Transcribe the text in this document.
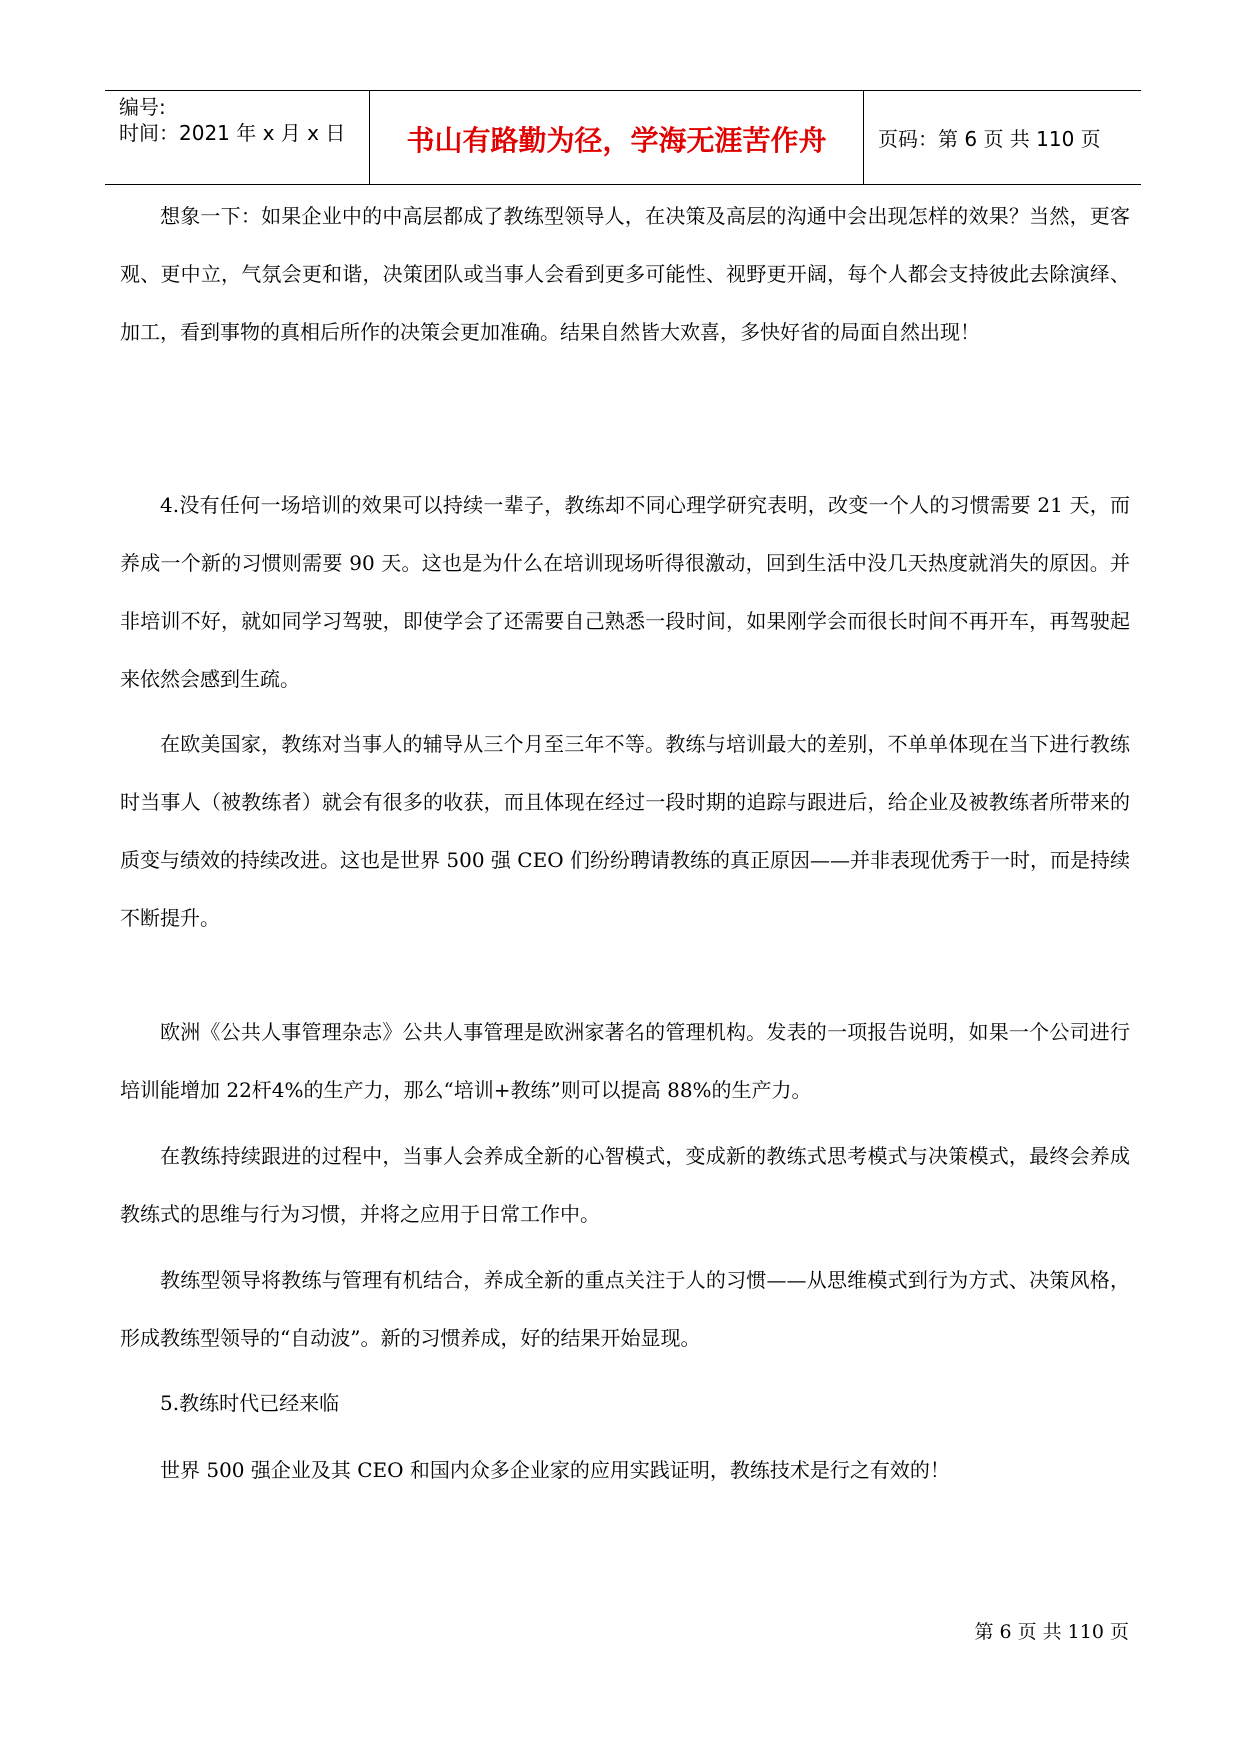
编号:
时间：2021 年 x 月 x 日	书山有路勤为径，学海无涯苦作舟	页码：第 6 页 共 110 页

想象一下：如果企业中的中高层都成了教练型领导人，在决策及高层的沟通中会出现怎样的效果？当然，更客观、更中立，气氛会更和谐，决策团队或当事人会看到更多可能性、视野更开阔，每个人都会支持彼此去除演绎、加工，看到事物的真相后所作的决策会更加准确。结果自然皆大欢喜，多快好省的局面自然出现！

4.没有任何一场培训的效果可以持续一辈子，教练却不同心理学研究表明，改变一个人的习惯需要 21 天，而养成一个新的习惯则需要 90 天。这也是为什么在培训现场听得很激动，回到生活中没几天热度就消失的原因。并非培训不好，就如同学习驾驶，即使学会了还需要自己熟悉一段时间，如果刚学会而很长时间不再开车，再驾驶起来依然会感到生疏。

在欧美国家，教练对当事人的辅导从三个月至三年不等。教练与培训最大的差别，不单单体现在当下进行教练时当事人（被教练者）就会有很多的收获，而且体现在经过一段时期的追踪与跟进后，给企业及被教练者所带来的质变与绩效的持续改进。这也是世界 500 强 CEO 们纷纷聘请教练的真正原因——并非表现优秀于一时，而是持续不断提升。

欧洲《公共人事管理杂志》公共人事管理是欧洲家著名的管理机构。发表的一项报告说明，如果一个公司进行培训能增加 22杆4%的生产力，那么“培训+教练”则可以提高 88%的生产力。

在教练持续跟进的过程中，当事人会养成全新的心智模式，变成新的教练式思考模式与决策模式，最终会养成教练式的思维与行为习惯，并将之应用于日常工作中。

教练型领导将教练与管理有机结合，养成全新的重点关注于人的习惯——从思维模式到行为方式、决策风格，形成教练型领导的“自动波”。新的习惯养成，好的结果开始显现。

5.教练时代已经来临

世界 500 强企业及其 CEO 和国内众多企业家的应用实践证明，教练技术是行之有效的！

第 6 页 共 110 页
